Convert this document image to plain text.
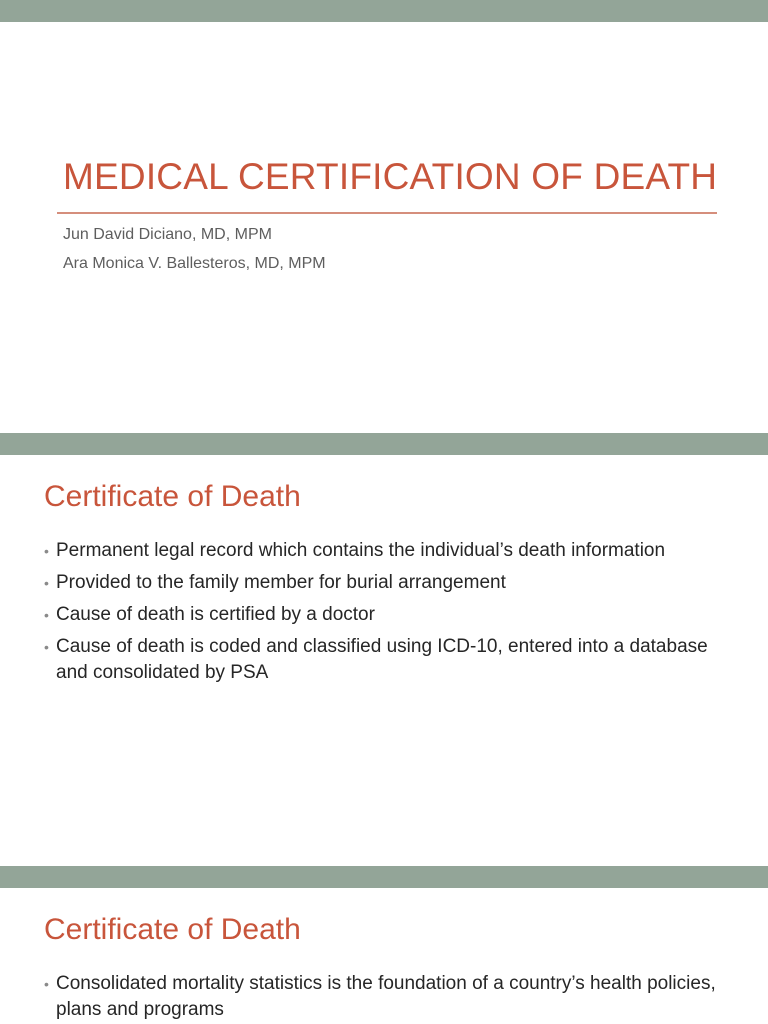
MEDICAL CERTIFICATION OF DEATH
Jun David Diciano, MD, MPM
Ara Monica V. Ballesteros, MD, MPM
Certificate of Death
• Permanent legal record which contains the individual’s death information
• Provided to the family member for burial arrangement
• Cause of death is certified by a doctor
• Cause of death is coded and classified using ICD-10, entered into a database and consolidated by PSA
Certificate of Death
• Consolidated mortality statistics is the foundation of a country’s health policies, plans and programs
